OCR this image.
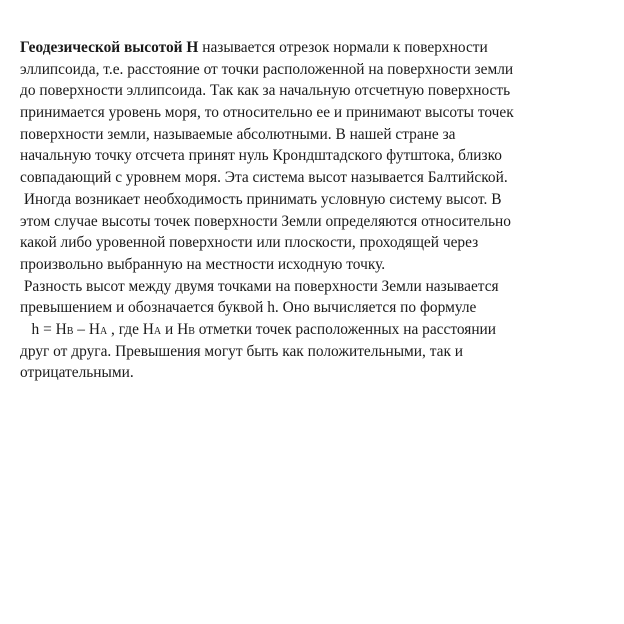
Геодезической высотой Н называется отрезок нормали к поверхности
эллипсоида, т.е. расстояние от точки расположенной на поверхности земли
до поверхности эллипсоида. Так как за начальную отсчетную поверхность
принимается уровень моря, то относительно ее и принимают высоты точек
поверхности земли, называемые абсолютными. В нашей стране за
начальную точку отсчета принят нуль Крондштадского футштока, близко
совпадающий с уровнем моря. Эта система высот называется Балтийской.
Иногда возникает необходимость принимать условную систему высот. В
этом случае высоты точек поверхности Земли определяются относительно
какой либо уровенной поверхности или плоскости, проходящей через
произвольно выбранную на местности исходную точку.
Разность высот между двумя точками на поверхности Земли называется
превышением и обозначается буквой h. Оно вычисляется по формуле
h = НВ – НА , где НА и НВ отметки точек расположенных на расстоянии
друг от друга. Превышения могут быть как положительными, так и
отрицательными.
